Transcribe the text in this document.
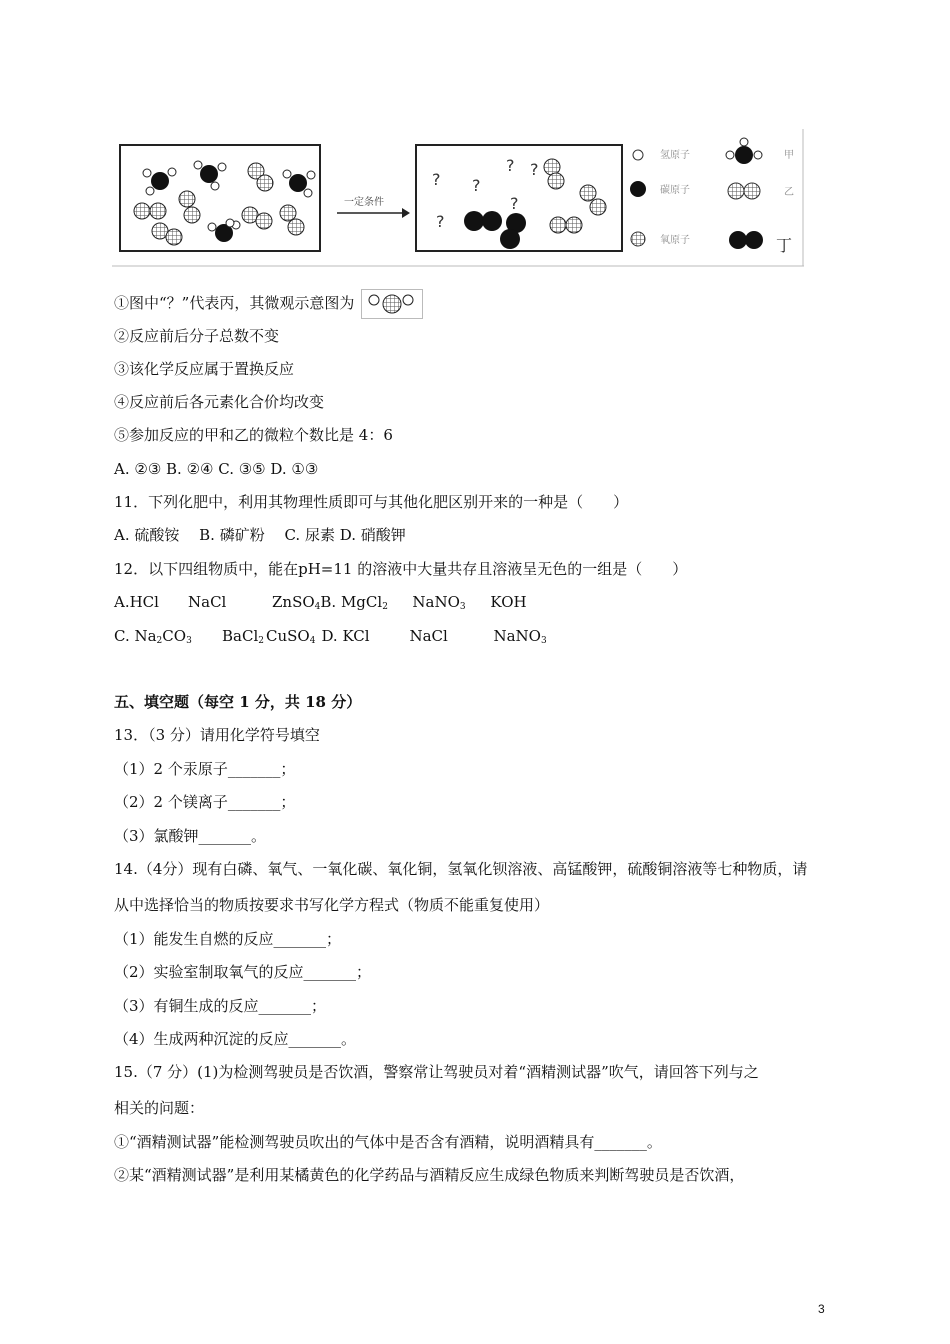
一定条件
? ?
? ?
?
?
氢原子
碳原子
氧原子
甲
乙
丁
①图中“？”代表丙，其微观示意图为
②反应前后分子总数不变
③该化学反应属于置换反应
④反应前后各元素化合价均改变
⑤参加反应的甲和乙的微粒个数比是 4：6
A. ②③ B. ②④ C. ③⑤ D. ①③
11．下列化肥中，利用其物理性质即可与其他化肥区别开来的一种是（　　）
A. 硫酸铵　 B. 磷矿粉　 C. 尿素 D. 硝酸钾
12．以下四组物质中，能在pH=11 的溶液中大量共存且溶液呈无色的一组是（　　）
A.HCl NaCl	ZnSO$_4$B. MgCl$_2$ NaNO$_3$ KOH
C. $Na_2CO_3$ BaCl$_2$ CuSO$_4$ D. KCl	NaCl	NaNO$_3$
五、填空题（每空 1 分，共 18 分）
13．（3 分）请用化学符号填空
（1）2 个汞原子_______；
（2）2 个镁离子_______；
（3）氯酸钾_______。
14.（4分）现有白磷、氧气、一氧化碳、氧化铜，氢氧化钡溶液、高锰酸钾，硫酸铜溶液等七种物质，请
从中选择恰当的物质按要求书写化学方程式（物质不能重复使用）
（1）能发生自燃的反应_______；
（2）实验室制取氧气的反应_______；
（3）有铜生成的反应_______；
（4）生成两种沉淀的反应_______。
15.（7 分）(1)为检测驾驶员是否饮酒，警察常让驾驶员对着“酒精测试器”吹气，请回答下列与之
相关的问题：
①“酒精测试器”能检测驾驶员吹出的气体中是否含有酒精，说明酒精具有_______。
②某“酒精测试器”是利用某橘黄色的化学药品与酒精反应生成绿色物质来判断驾驶员是否饮酒，
3
